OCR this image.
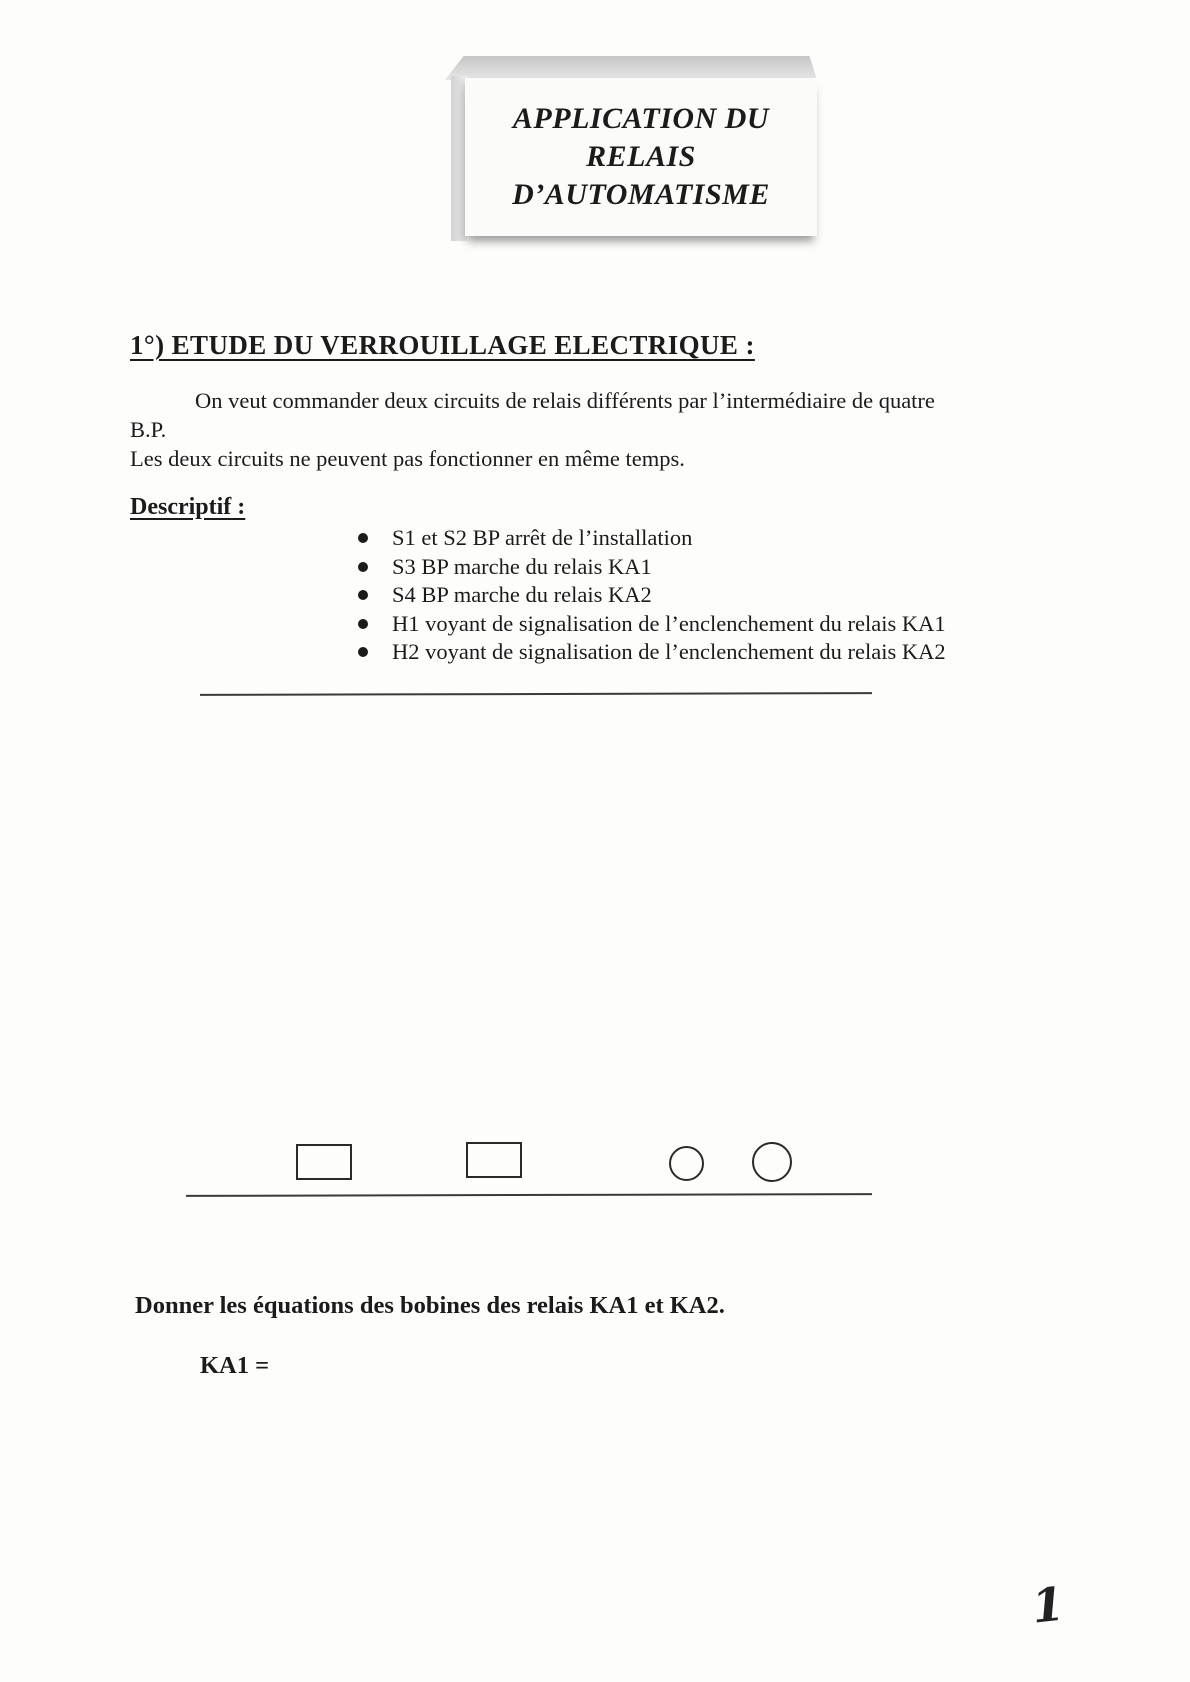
APPLICATION DU
RELAIS
D’AUTOMATISME
1°) ETUDE DU VERROUILLAGE ELECTRIQUE :
On veut commander deux circuits de relais différents par l’intermédiaire de quatre
B.P.
Les deux circuits ne peuvent pas fonctionner en même temps.
Descriptif :
S1 et S2 BP arrêt de l’installation
S3 BP marche du relais KA1
S4 BP marche du relais KA2
H1 voyant de signalisation de l’enclenchement du relais KA1
H2 voyant de signalisation de l’enclenchement du relais KA2
Donner les équations des bobines des relais KA1 et KA2.
KA1 =
1
